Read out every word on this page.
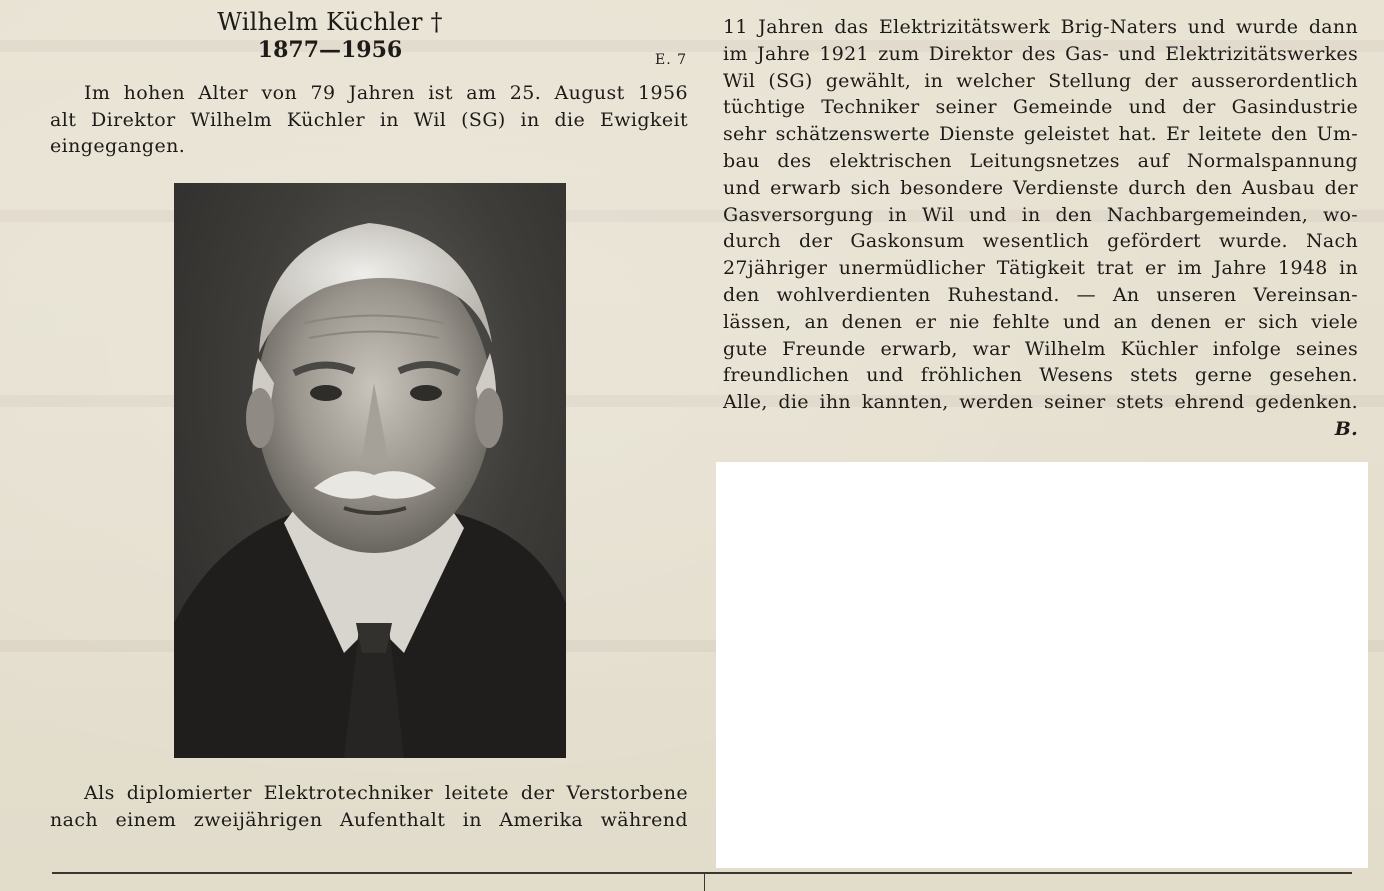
Wilhelm Küchler †
1877—1956	E. 7
Im hohen Alter von 79 Jahren ist am 25. August 1956
alt Direktor Wilhelm Küchler in Wil (SG) in die Ewigkeit
eingegangen.
Als diplomierter Elektrotechniker leitete der Verstorbene
nach einem zweijährigen Aufenthalt in Amerika während
11 Jahren das Elektrizitätswerk Brig-Naters und wurde dann
im Jahre 1921 zum Direktor des Gas- und Elektrizitätswerkes
Wil (SG) gewählt, in welcher Stellung der ausserordentlich
tüchtige Techniker seiner Gemeinde und der Gasindustrie
sehr schätzenswerte Dienste geleistet hat. Er leitete den Um-
bau des elektrischen Leitungsnetzes auf Normalspannung
und erwarb sich besondere Verdienste durch den Ausbau der
Gasversorgung in Wil und in den Nachbargemeinden, wo-
durch der Gaskonsum wesentlich gefördert wurde. Nach
27jähriger unermüdlicher Tätigkeit trat er im Jahre 1948 in
den wohlverdienten Ruhestand. — An unseren Vereinsan-
lässen, an denen er nie fehlte und an denen er sich viele
gute Freunde erwarb, war Wilhelm Küchler infolge seines
freundlichen und fröhlichen Wesens stets gerne gesehen.
Alle, die ihn kannten, werden seiner stets ehrend gedenken.
B.
